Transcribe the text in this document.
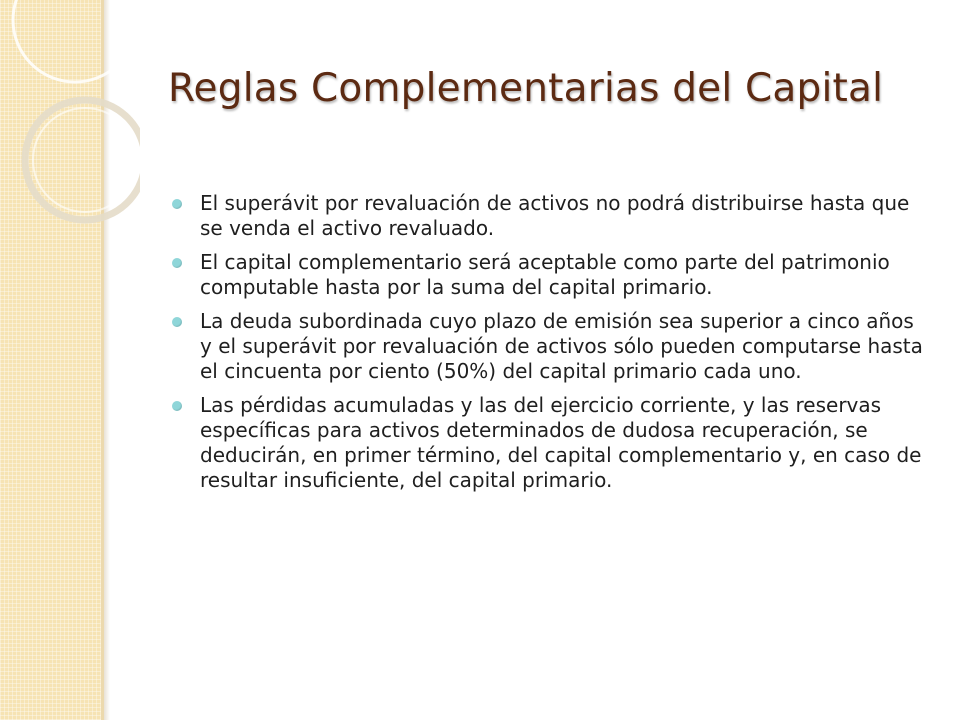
Reglas Complementarias del Capital
El superávit por revaluación de activos no podrá distribuirse hasta que se venda el activo revaluado.
El capital complementario será aceptable como parte del patrimonio computable hasta por la suma del capital primario.
La deuda subordinada cuyo plazo de emisión sea superior a cinco años y el superávit por revaluación de activos sólo pueden computarse hasta el cincuenta por ciento (50%) del capital primario cada uno.
Las pérdidas acumuladas y las del ejercicio corriente, y las reservas específicas para activos determinados de dudosa recuperación, se deducirán, en primer término, del capital complementario y, en caso de resultar insuficiente, del capital primario.
